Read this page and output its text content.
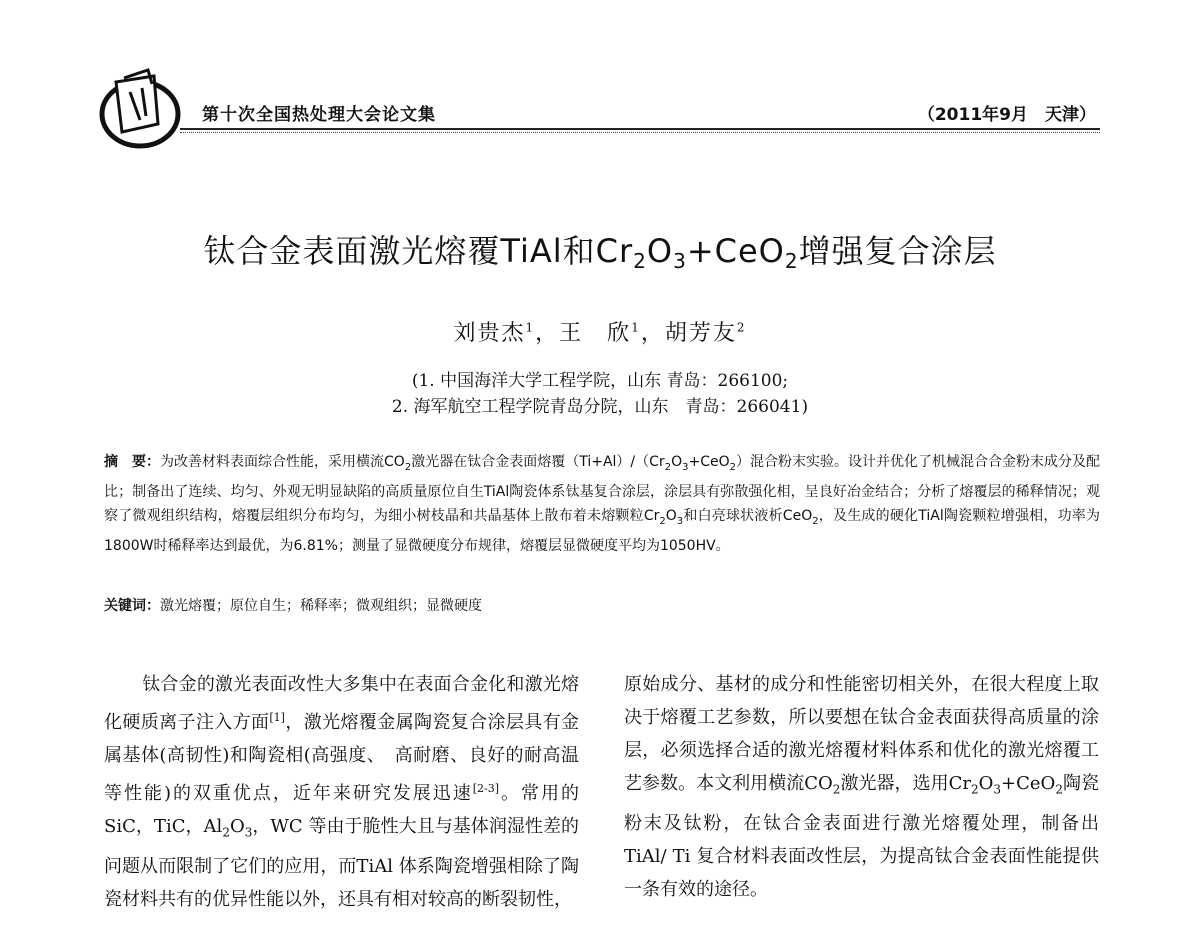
第十次全国热处理大会论文集	（2011年9月　天津）
钛合金表面激光熔覆TiAl和$Cr_2O_3+CeO_2$增强复合涂层
刘贵杰$^1$，王　欣$^1$，胡芳友$^2$
(1. 中国海洋大学工程学院，山东 青岛：266100;
2. 海军航空工程学院青岛分院，山东　青岛：266041)
摘　要：为改善材料表面综合性能，采用横流$CO_2$激光器在钛合金表面熔覆$(Ti+Al)/(Cr_2O_3+CeO_2)$混合粉末实验。设计并优化了机械混合合金粉末成分及配比；制备出了连续、均匀、外观无明显缺陷的高质量原位自生TiAl陶瓷体系钛基复合涂层，涂层具有弥散强化相，呈良好冶金结合；分析了熔覆层的稀释情况；观察了微观组织结构，熔覆层组织分布均匀，为细小树枝晶和共晶基体上散布着未熔颗粒$Cr_2O_3$和白亮球状液析CeO$_2$，及生成的硬化TiAl陶瓷颗粒增强相，功率为1800W时稀释率达到最优，为6.81%；测量了显微硬度分布规律，熔覆层显微硬度平均为1050HV。
关键词：激光熔覆；原位自生；稀释率；微观组织；显微硬度

钛合金的激光表面改性大多集中在表面合金化和激光熔化硬质离子注入方面[1]，激光熔覆金属陶瓷复合涂层具有金属基体(高韧性)和陶瓷相(高强度、　高耐磨、良好的耐高温等性能)的双重优点，近年来研究发展迅速[2-3]。常用的SiC，TiC，$Al_2O_3$，WC 等由于脆性大且与基体润湿性差的问题从而限制了它们的应用，而TiAl 体系陶瓷增强相除了陶瓷材料共有的优异性能以外，还具有相对较高的断裂韧性，

原始成分、基材的成分和性能密切相关外，在很大程度上取决于熔覆工艺参数，所以要想在钛合金表面获得高质量的涂层，必须选择合适的激光熔覆材料体系和优化的激光熔覆工艺参数。本文利用横流$CO_2$激光器，选用$Cr_2O_3+CeO_2$陶瓷粉末及钛粉，在钛合金表面进行激光熔覆处理，制备出 TiAl/ Ti 复合材料表面改性层，为提高钛合金表面性能提供一条有效的途径。
